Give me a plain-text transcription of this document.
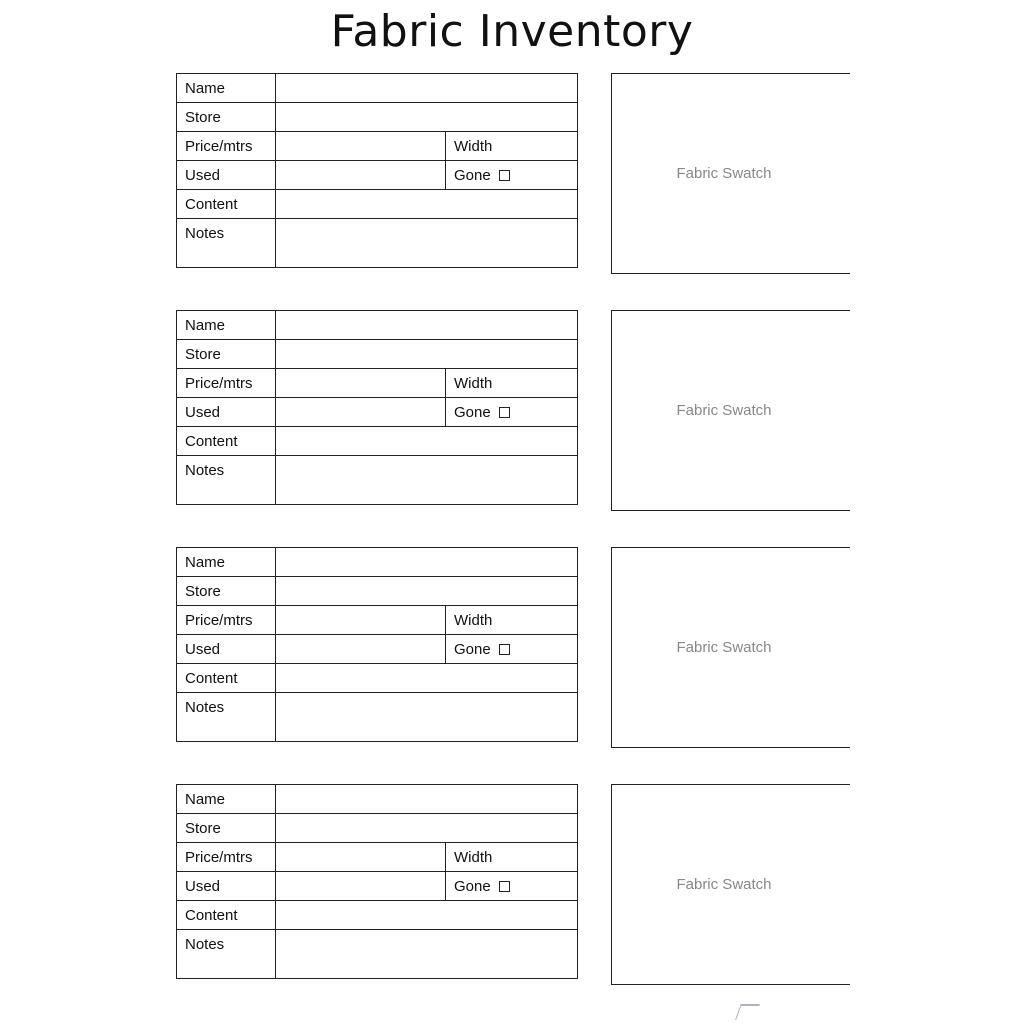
Fabric Inventory
Name		
Store		
Price/mtrs		Width
Used		Gone
Content		
Notes		
Fabric Swatch
Name		
Store		
Price/mtrs		Width
Used		Gone
Content		
Notes		
Fabric Swatch
Name		
Store		
Price/mtrs		Width
Used		Gone
Content		
Notes		
Fabric Swatch
Name		
Store		
Price/mtrs		Width
Used		Gone
Content		
Notes		
Fabric Swatch
